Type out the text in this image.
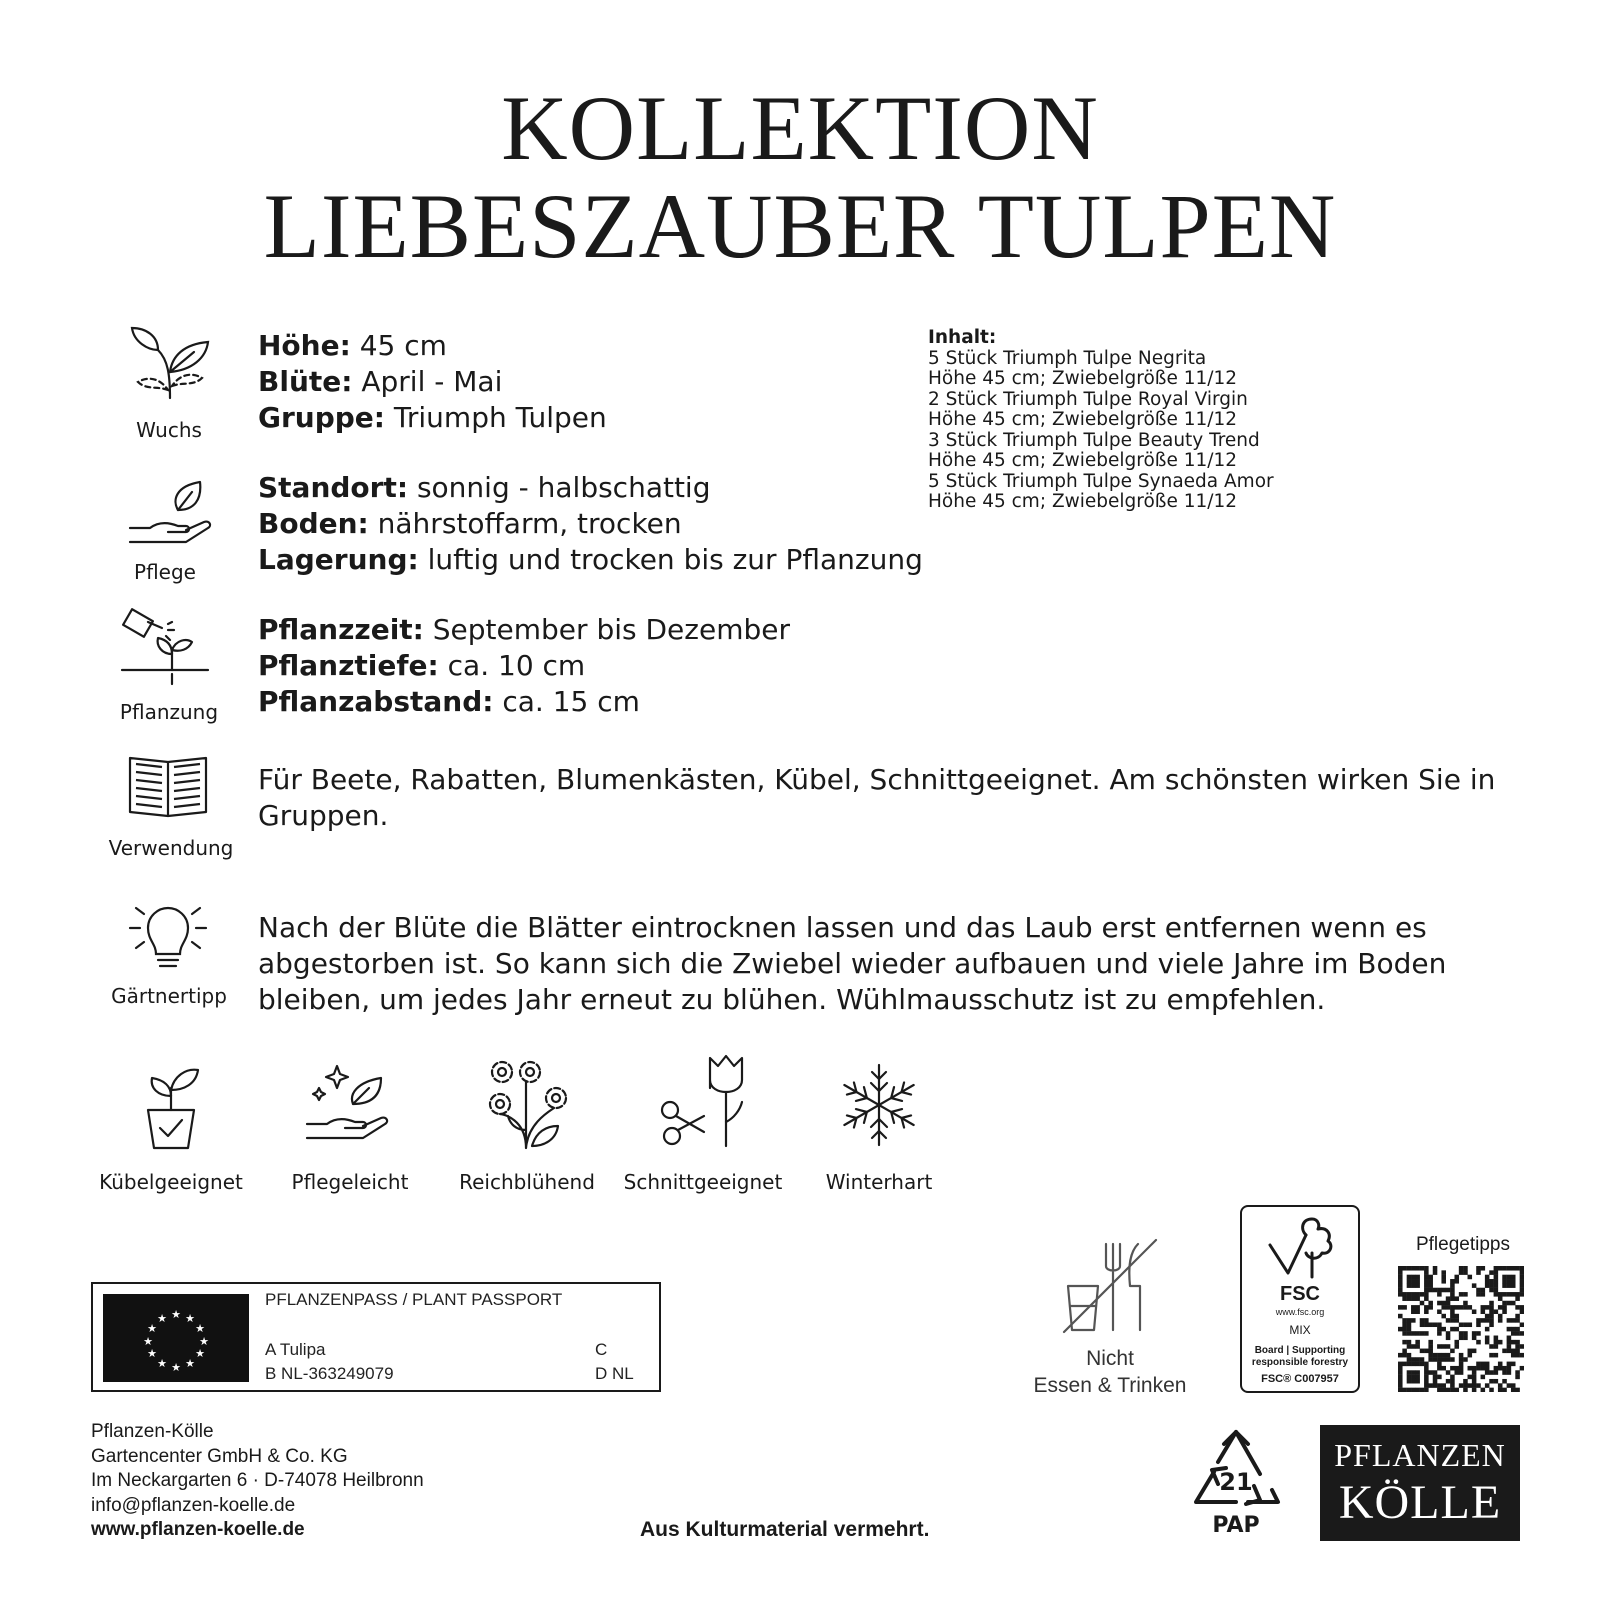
KOLLEKTION
LIEBESZAUBER TULPEN
Wuchs
Höhe: 45 cm
Blüte: April - Mai
Gruppe: Triumph Tulpen
Pflege
Standort: sonnig - halbschattig
Boden: nährstoffarm, trocken
Lagerung: luftig und trocken bis zur Pflanzung
Pflanzung
Pflanzzeit: September bis Dezember
Pflanztiefe: ca. 10 cm
Pflanzabstand: ca. 15 cm
Verwendung
Für Beete, Rabatten, Blumenkästen, Kübel, Schnittgeeignet. Am schönsten wirken Sie in Gruppen.
Gärtnertipp
Nach der Blüte die Blätter eintrocknen lassen und das Laub erst entfernen wenn es abgestorben ist. So kann sich die Zwiebel wieder aufbauen und viele Jahre im Boden bleiben, um jedes Jahr erneut zu blühen. Wühlmausschutz ist zu empfehlen.
Inhalt:
5 Stück Triumph Tulpe Negrita
Höhe 45 cm; Zwiebelgröße 11/12
2 Stück Triumph Tulpe Royal Virgin
Höhe 45 cm; Zwiebelgröße 11/12
3 Stück Triumph Tulpe Beauty Trend
Höhe 45 cm; Zwiebelgröße 11/12
5 Stück Triumph Tulpe Synaeda Amor
Höhe 45 cm; Zwiebelgröße 11/12
Kübelgeeignet	Pflegeleicht	Reichblühend	Schnittgeeignet	Winterhart
★ ★
★
★
★
★
★
★
★
★
★
★
PFLANZENPASS / PLANT PASSPORT
A Tulipa
B NL-363249079
C
D NL
Pflanzen-Kölle
Gartencenter GmbH & Co. KG
Im Neckargarten 6 · D-74078 Heilbronn
info@pflanzen-koelle.de
www.pflanzen-koelle.de	Aus Kulturmaterial vermehrt.
Nicht
Essen & Trinken
FSC
www.fsc.org
MIX
Board | Supporting
responsible forestry
FSC® C007957
Pflegetipps
21
PAP
PFLANZEN
KÖLLE
